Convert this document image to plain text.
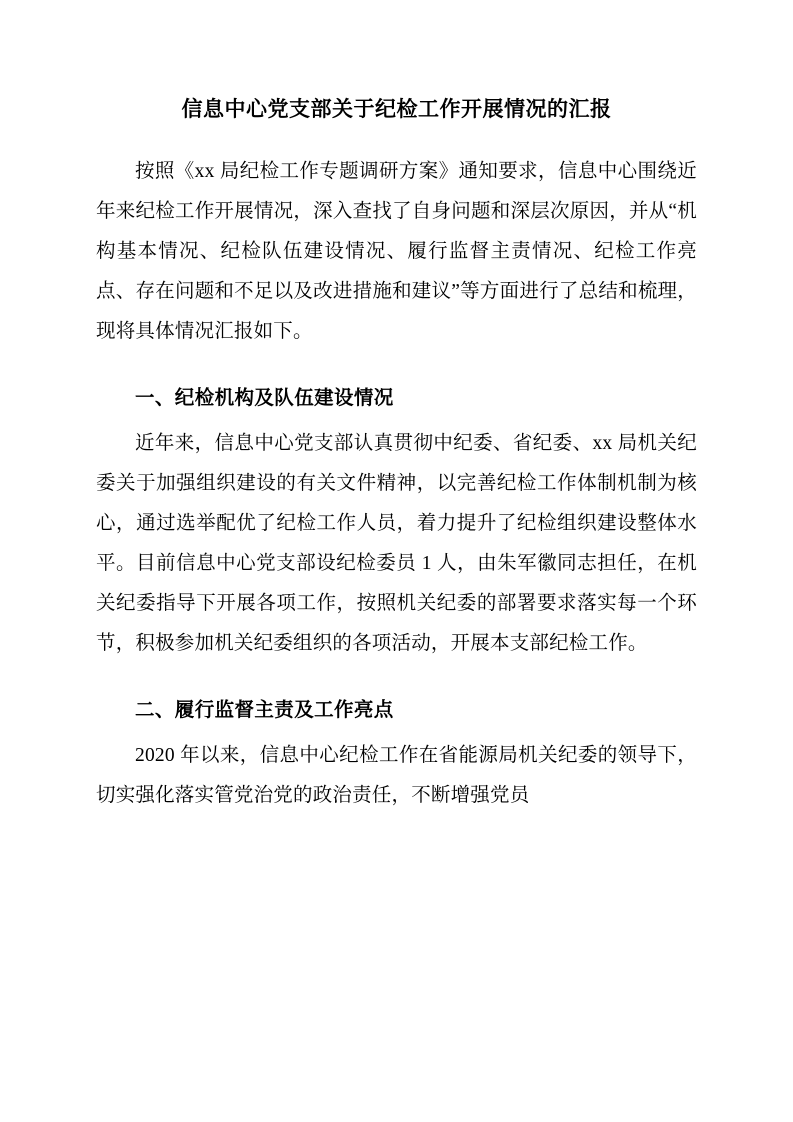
信息中心党支部关于纪检工作开展情况的汇报

按照《xx 局纪检工作专题调研方案》通知要求，信息中心围绕近年来纪检工作开展情况，深入查找了自身问题和深层次原因，并从“机构基本情况、纪检队伍建设情况、履行监督主责情况、纪检工作亮点、存在问题和不足以及改进措施和建议”等方面进行了总结和梳理，现将具体情况汇报如下。

一、纪检机构及队伍建设情况

近年来，信息中心党支部认真贯彻中纪委、省纪委、xx 局机关纪委关于加强组织建设的有关文件精神，以完善纪检工作体制机制为核心，通过选举配优了纪检工作人员，着力提升了纪检组织建设整体水平。目前信息中心党支部设纪检委员 1 人，由朱军徽同志担任，在机关纪委指导下开展各项工作，按照机关纪委的部署要求落实每一个环节，积极参加机关纪委组织的各项活动，开展本支部纪检工作。

二、履行监督主责及工作亮点

2020 年以来，信息中心纪检工作在省能源局机关纪委的领导下，切实强化落实管党治党的政治责任，不断增强党员
